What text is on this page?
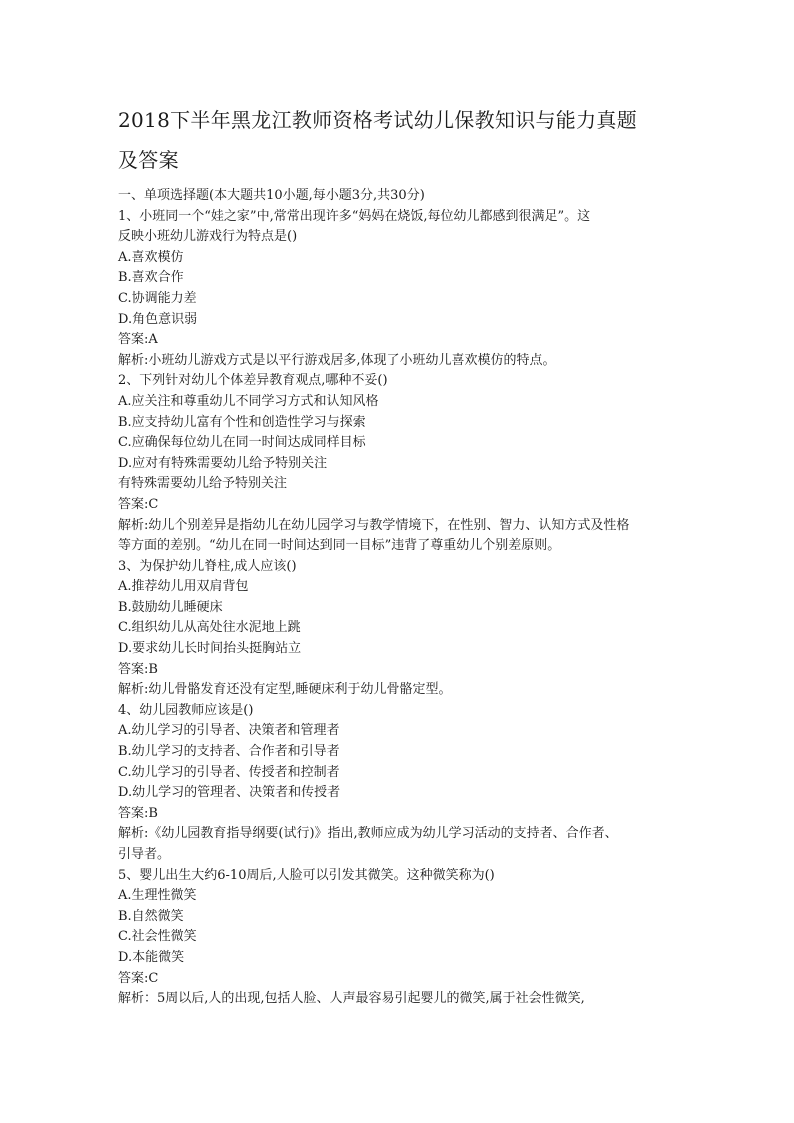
2018下半年黑龙江教师资格考试幼儿保教知识与能力真题
及答案

一、单项选择题(本大题共10小题,每小题3分,共30分)

1、小班同一个“娃之家”中,常常出现许多“妈妈在烧饭,每位幼儿都感到很满足”。这

反映小班幼儿游戏行为特点是()

A.喜欢模仿

B.喜欢合作

C.协调能力差

D.角色意识弱

答案:A

解析:小班幼儿游戏方式是以平行游戏居多,体现了小班幼儿喜欢模仿的特点。

2、下列针对幼儿个体差异教育观点,哪种不妥()

A.应关注和尊重幼儿不同学习方式和认知风格

B.应支持幼儿富有个性和创造性学习与探索

C.应确保每位幼儿在同一时间达成同样目标

D.应对有特殊需要幼儿给予特别关注

有特殊需要幼儿给予特别关注

答案:C

解析:幼儿个别差异是指幼儿在幼儿园学习与教学情境下，在性别、智力、认知方式及性格

等方面的差别。“幼儿在同一时间达到同一目标”违背了尊重幼儿个别差原则。

3、为保护幼儿脊柱,成人应该()

A.推荐幼儿用双肩背包

B.鼓励幼儿睡硬床

C.组织幼儿从高处往水泥地上跳

D.要求幼儿长时间抬头挺胸站立

答案:B

解析:幼儿骨骼发育还没有定型,睡硬床利于幼儿骨骼定型。

4、幼儿园教师应该是()

A.幼儿学习的引导者、决策者和管理者

B.幼儿学习的支持者、合作者和引导者

C.幼儿学习的引导者、传授者和控制者

D.幼儿学习的管理者、决策者和传授者

答案:B

解析:《幼儿园教育指导纲要(试行)》指出,教师应成为幼儿学习活动的支持者、合作者、

引导者。

5、婴儿出生大约6-10周后,人脸可以引发其微笑。这种微笑称为()

A.生理性微笑

B.自然微笑

C.社会性微笑

D.本能微笑

答案:C

解析：5周以后,人的出现,包括人脸、人声最容易引起婴儿的微笑,属于社会性微笑,
